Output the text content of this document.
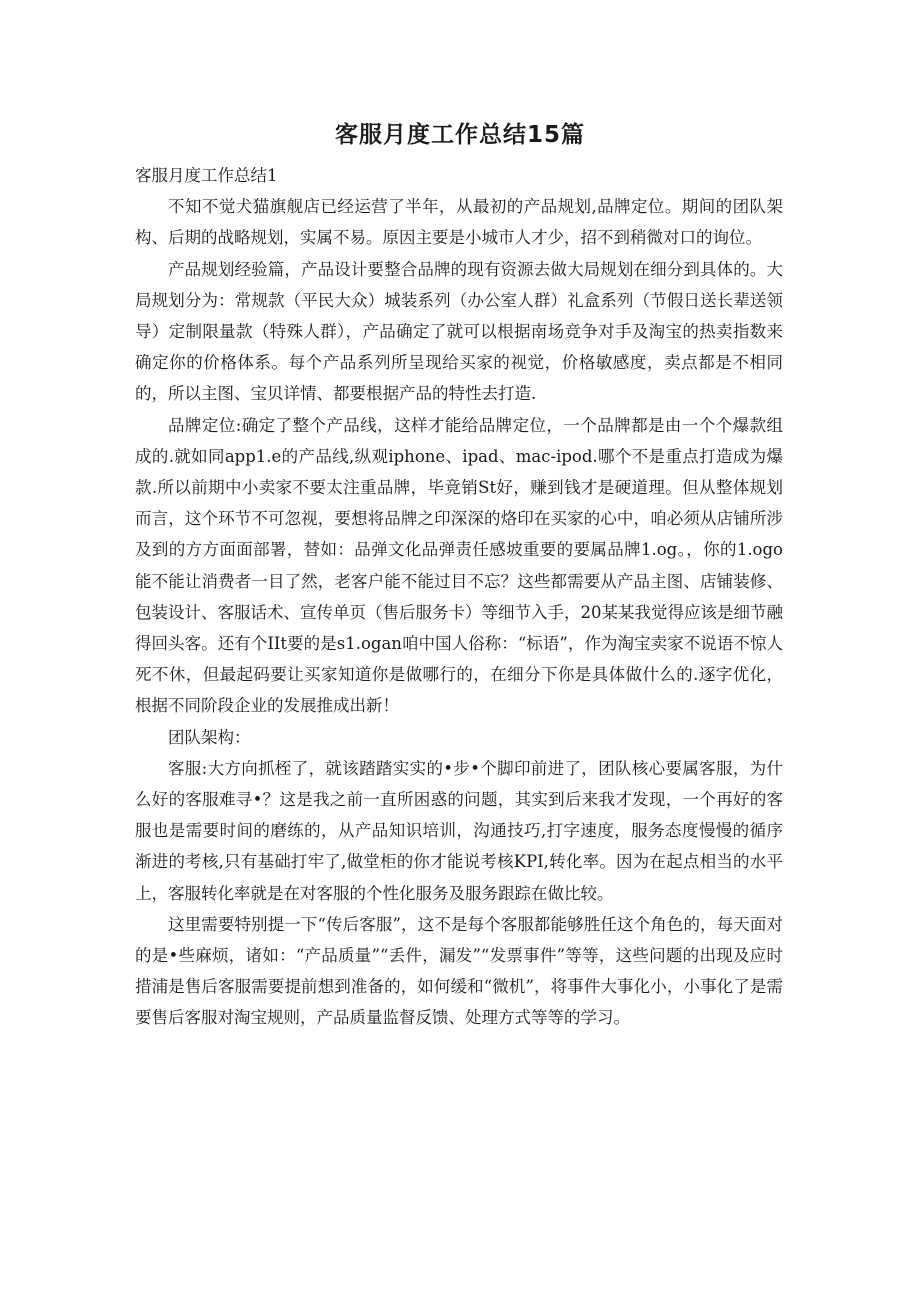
客服月度工作总结15篇

客服月度工作总结1

不知不觉犬猫旗舰店已经运营了半年，从最初的产品规划,品牌定位。期间的团队架构、后期的战略规划，实属不易。原因主要是小城市人才少，招不到稍微对口的询位。

产品规划经验篇，产品设计要整合品牌的现有资源去做大局规划在细分到具体的。大局规划分为：常规款（平民大众）城装系列（办公室人群）礼盒系列（节假日送长辈送领导）定制限量款（特殊人群），产品确定了就可以根据南场竞争对手及淘宝的热卖指数来确定你的价格体系。每个产品系列所呈现给买家的视觉，价格敏感度，卖点都是不相同的，所以主图、宝贝详情、都要根据产品的特性去打造.

品牌定位:确定了整个产品线，这样才能给品牌定位，一个品牌都是由一个个爆款组成的.就如同app1.e的产品线,纵观iphone、ipad、mac-ipod.哪个不是重点打造成为爆款.所以前期中小卖家不要太注重品牌，毕竟销St好，赚到钱才是硬道理。但从整体规划而言，这个环节不可忽视，要想将品牌之印深深的烙印在买家的心中，咱必须从店铺所涉及到的方方面面部署，替如：品弹文化品弹责任感坡重要的要属品牌1.og。，你的1.ogo能不能让消费者一目了然，老客户能不能过目不忘？这些都需要从产品主图、店铺装修、包装设计、客服话术、宣传单页（售后服务卡）等细节入手，20某某我觉得应该是细节融得回头客。还有个IIt要的是s1.ogan咱中国人俗称：“标语”，作为淘宝卖家不说语不惊人死不休，但最起码要让买家知道你是做哪行的，在细分下你是具体做什么的.逐字优化，根据不同阶段企业的发展推成出新！

团队架构：

客服:大方向抓桎了，就该踏踏实实的•步•个脚印前进了，团队核心要属客服，为什么好的客服难寻•？这是我之前一直所困惑的问题，其实到后来我才发现，一个再好的客服也是需要时间的磨练的，从产品知识培训，沟通技巧,打字速度，服务态度慢慢的循序渐进的考核,只有基础打牢了,做堂柜的你才能说考核KPI,转化率。因为在起点相当的水平上，客服转化率就是在对客服的个性化服务及服务跟踪在做比较。

这里需要特别提一下“传后客服”，这不是每个客服都能够胜任这个角色的，每天面对的是•些麻烦，诸如：“产品质量”“丢件，漏发”“发票事件”等等，这些问题的出现及应时措浦是售后客服需要提前想到准备的，如何缓和“微机”，将事件大事化小，小事化了是需要售后客服对淘宝规则，产品质量监督反馈、处理方式等等的学习。
